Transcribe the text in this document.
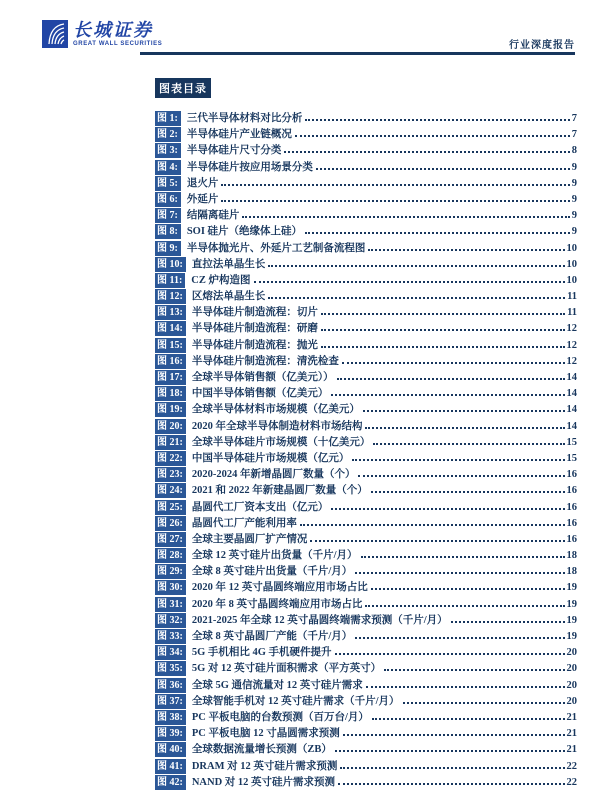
长城证券
GREAT WALL SECURITIES	行业深度报告
图表目录
图 1: 三代半导体材料对比分析	7
图 2: 半导体硅片产业链概况	7
图 3: 半导体硅片尺寸分类	8
图 4: 半导体硅片按应用场景分类	9
图 5: 退火片	9
图 6: 外延片	9
图 7: 结隔离硅片	9
图 8: SOI 硅片（绝缘体上硅）	9
图 9: 半导体抛光片、外延片工艺制备流程图	10
图 10: 直拉法单晶生长	10
图 11: CZ 炉构造图	10
图 12: 区熔法单晶生长	11
图 13: 半导体硅片制造流程：切片	11
图 14: 半导体硅片制造流程：研磨	12
图 15: 半导体硅片制造流程：抛光	12
图 16: 半导体硅片制造流程：清洗检查	12
图 17: 全球半导体销售额（亿美元））	14
图 18: 中国半导体销售额（亿美元）	14
图 19: 全球半导体材料市场规模（亿美元）	14
图 20: 2020 年全球半导体制造材料市场结构	14
图 21: 全球半导体硅片市场规模（十亿美元）	15
图 22: 中国半导体硅片市场规模（亿元）	15
图 23: 2020-2024 年新增晶圆厂数量（个）	16
图 24: 2021 和 2022 年新建晶圆厂数量（个）	16
图 25: 晶圆代工厂资本支出（亿元）	16
图 26: 晶圆代工厂产能利用率	16
图 27: 全球主要晶圆厂扩产情况	16
图 28: 全球 12 英寸硅片出货量（千片/月）	18
图 29: 全球 8 英寸硅片出货量（千片/月）	18
图 30: 2020 年 12 英寸晶圆终端应用市场占比	19
图 31: 2020 年 8 英寸晶圆终端应用市场占比	19
图 32: 2021-2025 年全球 12 英寸晶圆终端需求预测（千片/月）	19
图 33: 全球 8 英寸晶圆厂产能（千片/月）	19
图 34: 5G 手机相比 4G 手机硬件提升	20
图 35: 5G 对 12 英寸硅片面积需求（平方英寸）	20
图 36: 全球 5G 通信流量对 12 英寸硅片需求	20
图 37: 全球智能手机对 12 英寸硅片需求（千片/月）	20
图 38: PC 平板电脑的台数预测（百万台/月）	21
图 39: PC 平板电脑 12 寸晶圆需求预测	21
图 40: 全球数据流量增长预测（ZB）	21
图 41: DRAM 对 12 英寸硅片需求预测	22
图 42: NAND 对 12 英寸硅片需求预测	22
